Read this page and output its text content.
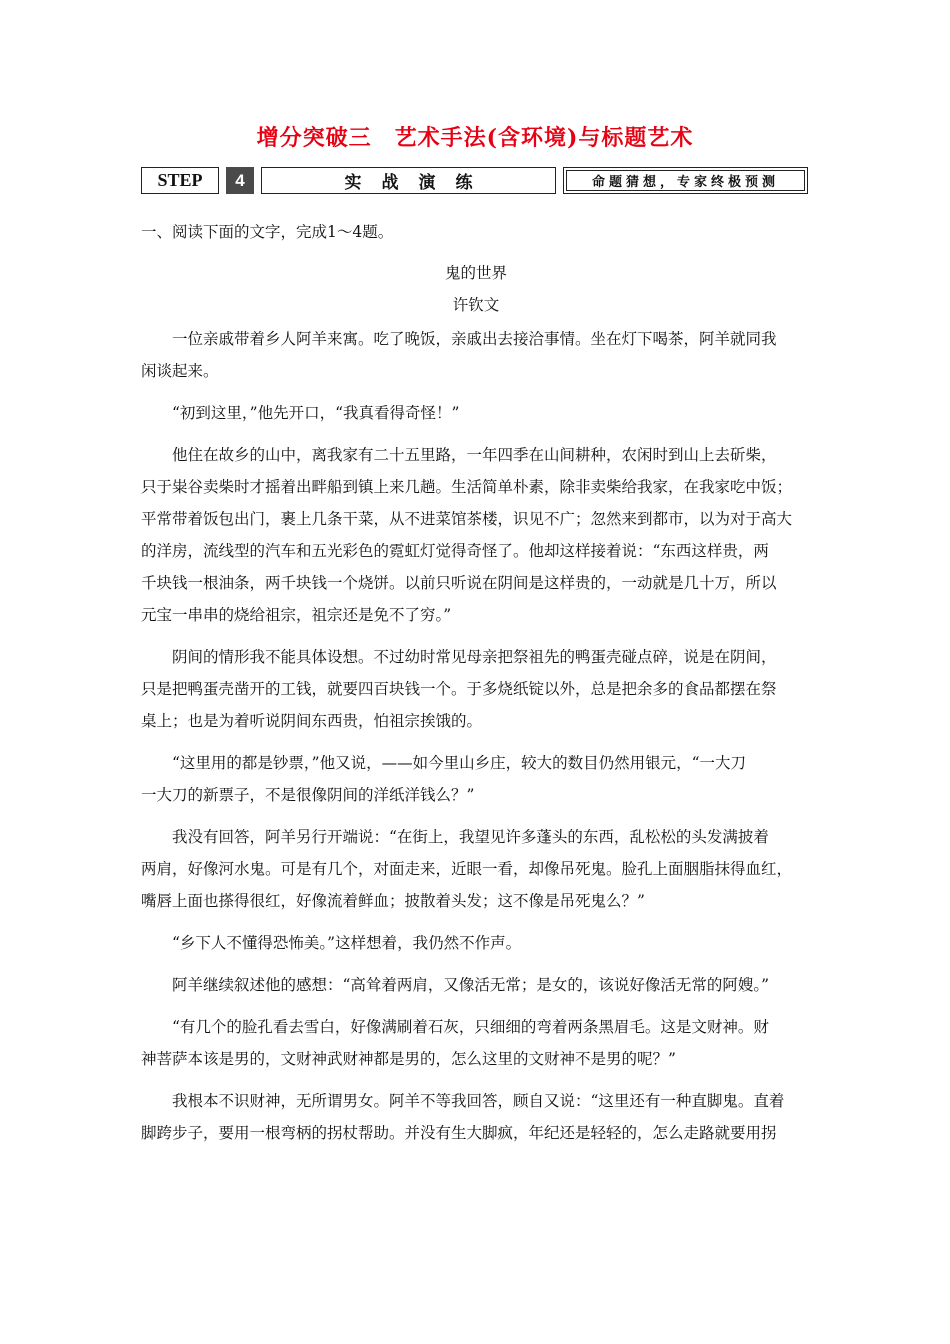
增分突破三　艺术手法(含环境)与标题艺术
STEP	4	实战演练	命题猜想，专家终极预测
一、阅读下面的文字，完成1～4题。
鬼的世界
许钦文
一位亲戚带着乡人阿羊来寓。吃了晚饭，亲戚出去接洽事情。坐在灯下喝茶，阿羊就同我
闲谈起来。
“初到这里，”他先开口，“我真看得奇怪！”
他住在故乡的山中，离我家有二十五里路，一年四季在山间耕种，农闲时到山上去斫柴，
只于粜谷卖柴时才摇着出畔船到镇上来几趟。生活简单朴素，除非卖柴给我家，在我家吃中饭；
平常带着饭包出门，裹上几条干菜，从不进菜馆茶楼，识见不广；忽然来到都市，以为对于高大
的洋房，流线型的汽车和五光彩色的霓虹灯觉得奇怪了。他却这样接着说：“东西这样贵，两
千块钱一根油条，两千块钱一个烧饼。以前只听说在阴间是这样贵的，一动就是几十万，所以
元宝一串串的烧给祖宗，祖宗还是免不了穷。”
阴间的情形我不能具体设想。不过幼时常见母亲把祭祖先的鸭蛋壳碰点碎，说是在阴间，
只是把鸭蛋壳凿开的工钱，就要四百块钱一个。于多烧纸锭以外，总是把余多的食品都摆在祭
桌上；也是为着听说阴间东西贵，怕祖宗挨饿的。
“这里用的都是钞票，”他又说，——如今里山乡庄，较大的数目仍然用银元，“一大刀
一大刀的新票子，不是很像阴间的洋纸洋钱么？”
我没有回答，阿羊另行开端说：“在街上，我望见许多蓬头的东西，乱松松的头发满披着
两肩，好像河水鬼。可是有几个，对面走来，近眼一看，却像吊死鬼。脸孔上面胭脂抹得血红，
嘴唇上面也搽得很红，好像流着鲜血；披散着头发；这不像是吊死鬼么？”
“乡下人不懂得恐怖美。”这样想着，我仍然不作声。
阿羊继续叙述他的感想：“高耸着两肩，又像活无常；是女的，该说好像活无常的阿嫂。”
“有几个的脸孔看去雪白，好像满刷着石灰，只细细的弯着两条黑眉毛。这是文财神。财
神菩萨本该是男的，文财神武财神都是男的，怎么这里的文财神不是男的呢？”
我根本不识财神，无所谓男女。阿羊不等我回答，顾自又说：“这里还有一种直脚鬼。直着
脚跨步子，要用一根弯柄的拐杖帮助。并没有生大脚疯，年纪还是轻轻的，怎么走路就要用拐
